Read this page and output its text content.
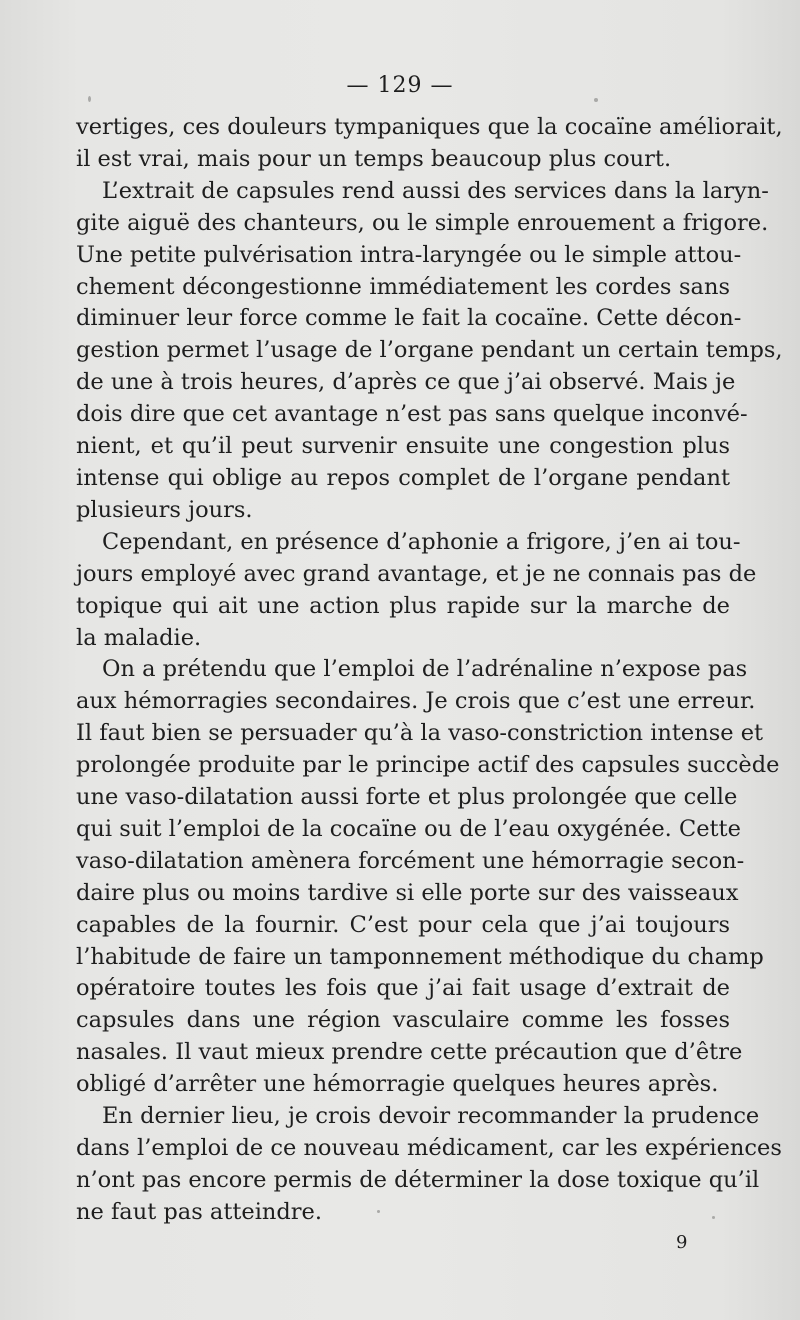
— 129 —
vertiges, ces douleurs tympaniques que la cocaïne améliorait,
il est vrai, mais pour un temps beaucoup plus court.
L’extrait de capsules rend aussi des services dans la laryn-
gite aiguë des chanteurs, ou le simple enrouement a frigore.
Une petite pulvérisation intra-laryngée ou le simple attou-
chement décongestionne immédiatement les cordes sans
diminuer leur force comme le fait la cocaïne. Cette décon-
gestion permet l’usage de l’organe pendant un certain temps,
de une à trois heures, d’après ce que j’ai observé. Mais je
dois dire que cet avantage n’est pas sans quelque inconvé-
nient, et qu’il peut survenir ensuite une congestion plus
intense qui oblige au repos complet de l’organe pendant
plusieurs jours.
Cependant, en présence d’aphonie a frigore, j’en ai tou-
jours employé avec grand avantage, et je ne connais pas de
topique qui ait une action plus rapide sur la marche de
la maladie.
On a prétendu que l’emploi de l’adrénaline n’expose pas
aux hémorragies secondaires. Je crois que c’est une erreur.
Il faut bien se persuader qu’à la vaso-constriction intense et
prolongée produite par le principe actif des capsules succède
une vaso-dilatation aussi forte et plus prolongée que celle
qui suit l’emploi de la cocaïne ou de l’eau oxygénée. Cette
vaso-dilatation amènera forcément une hémorragie secon-
daire plus ou moins tardive si elle porte sur des vaisseaux
capables de la fournir. C’est pour cela que j’ai toujours
l’habitude de faire un tamponnement méthodique du champ
opératoire toutes les fois que j’ai fait usage d’extrait de
capsules dans une région vasculaire comme les fosses
nasales. Il vaut mieux prendre cette précaution que d’être
obligé d’arrêter une hémorragie quelques heures après.
En dernier lieu, je crois devoir recommander la prudence
dans l’emploi de ce nouveau médicament, car les expériences
n’ont pas encore permis de déterminer la dose toxique qu’il
ne faut pas atteindre.
9
